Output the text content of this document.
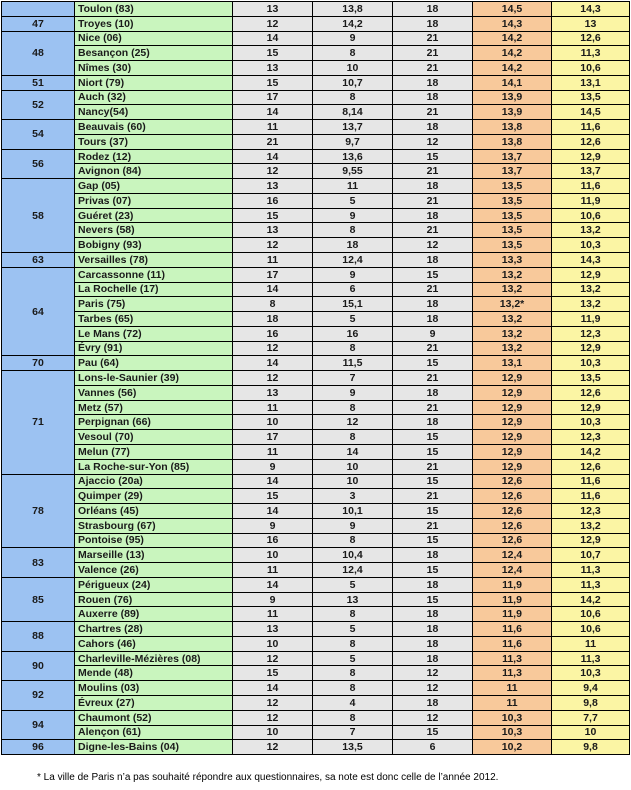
	Toulon (83)	13	13,8	18	14,5	14,3
47	Troyes (10)	12	14,2	18	14,3	13
48	Nice (06)	14	9	21	14,2	12,6
	Besançon (25)	15	8	21	14,2	11,3
	Nîmes (30)	13	10	21	14,2	10,6
51	Niort (79)	15	10,7	18	14,1	13,1
52	Auch (32)	17	8	18	13,9	13,5
	Nancy(54)	14	8,14	21	13,9	14,5
54	Beauvais (60)	11	13,7	18	13,8	11,6
	Tours (37)	21	9,7	12	13,8	12,6
56	Rodez (12)	14	13,6	15	13,7	12,9
	Avignon (84)	12	9,55	21	13,7	13,7
58	Gap (05)	13	11	18	13,5	11,6
	Privas (07)	16	5	21	13,5	11,9
	Guéret (23)	15	9	18	13,5	10,6
	Nevers (58)	13	8	21	13,5	13,2
	Bobigny (93)	12	18	12	13,5	10,3
63	Versailles (78)	11	12,4	18	13,3	14,3
64	Carcassonne (11)	17	9	15	13,2	12,9
	La Rochelle (17)	14	6	21	13,2	13,2
	Paris (75)	8	15,1	18	13,2*	13,2
	Tarbes (65)	18	5	18	13,2	11,9
	Le Mans (72)	16	16	9	13,2	12,3
	Évry (91)	12	8	21	13,2	12,9
70	Pau (64)	14	11,5	15	13,1	10,3
71	Lons-le-Saunier (39)	12	7	21	12,9	13,5
	Vannes (56)	13	9	18	12,9	12,6
	Metz (57)	11	8	21	12,9	12,9
	Perpignan (66)	10	12	18	12,9	10,3
	Vesoul (70)	17	8	15	12,9	12,3
	Melun (77)	11	14	15	12,9	14,2
	La Roche-sur-Yon (85)	9	10	21	12,9	12,6
78	Ajaccio (20a)	14	10	15	12,6	11,6
	Quimper (29)	15	3	21	12,6	11,6
	Orléans (45)	14	10,1	15	12,6	12,3
	Strasbourg (67)	9	9	21	12,6	13,2
	Pontoise (95)	16	8	15	12,6	12,9
83	Marseille (13)	10	10,4	18	12,4	10,7
	Valence (26)	11	12,4	15	12,4	11,3
85	Périgueux (24)	14	5	18	11,9	11,3
	Rouen (76)	9	13	15	11,9	14,2
	Auxerre (89)	11	8	18	11,9	10,6
88	Chartres (28)	13	5	18	11,6	10,6
	Cahors (46)	10	8	18	11,6	11
90	Charleville-Mézières (08)	12	5	18	11,3	11,3
	Mende (48)	15	8	12	11,3	10,3
92	Moulins (03)	14	8	12	11	9,4
	Évreux (27)	12	4	18	11	9,8
94	Chaumont (52)	12	8	12	10,3	7,7
	Alençon (61)	10	7	15	10,3	10
96	Digne-les-Bains (04)	12	13,5	6	10,2	9,8
* La ville de Paris n’a pas souhaité répondre aux questionnaires, sa note est donc celle de l’année 2012.
